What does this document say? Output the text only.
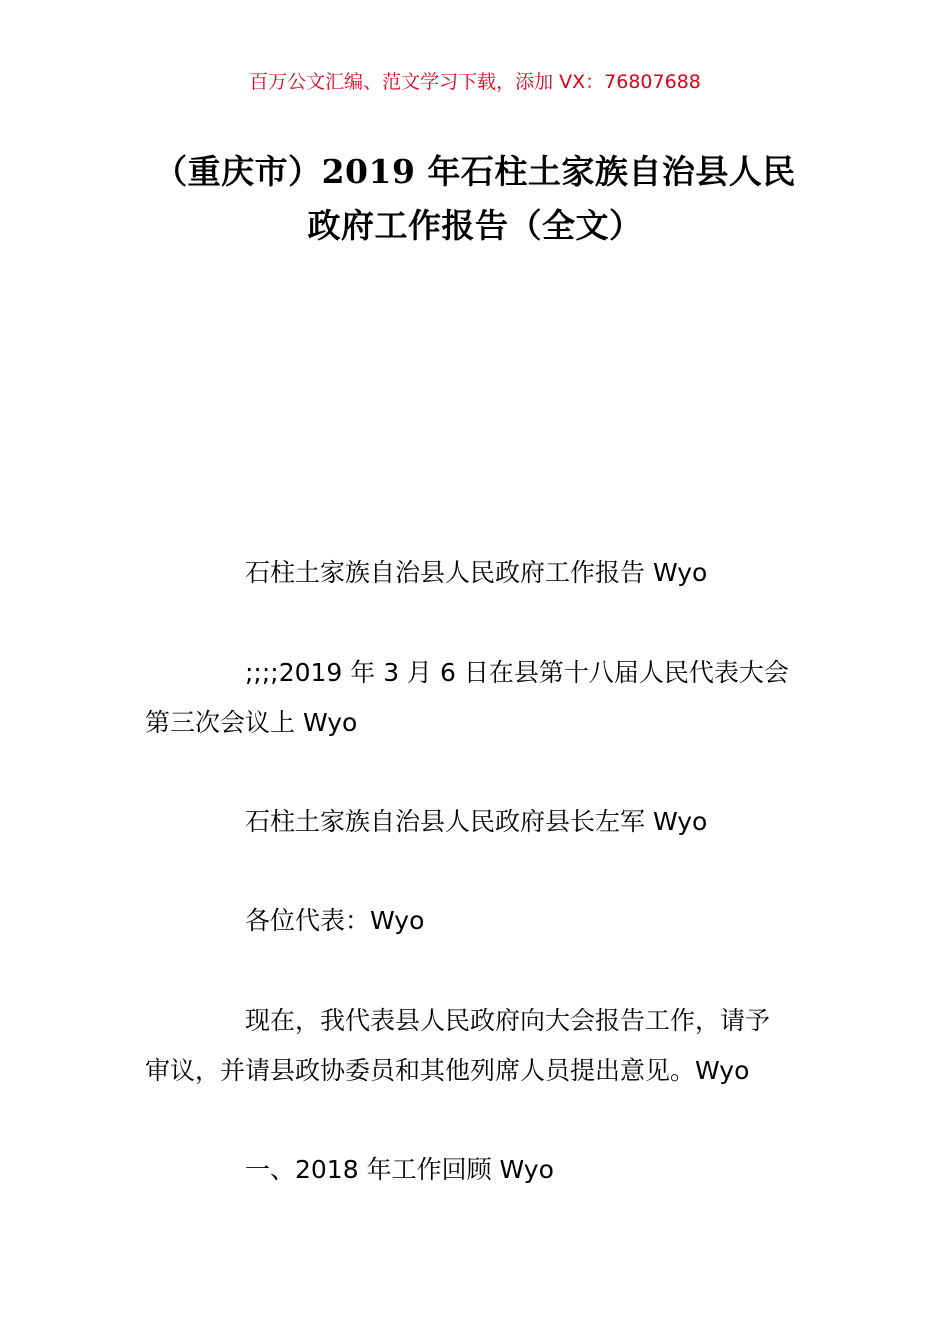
百万公文汇编、范文学习下载，添加 VX：76807688
（重庆市）2019 年石柱土家族自治县人民
政府工作报告（全文）
石柱土家族自治县人民政府工作报告 Wyo
;;;;2019 年 3 月 6 日在县第十八届人民代表大会
第三次会议上 Wyo
石柱土家族自治县人民政府县长左军 Wyo
各位代表：Wyo
现在，我代表县人民政府向大会报告工作，请予
审议，并请县政协委员和其他列席人员提出意见。Wyo
一、2018 年工作回顾 Wyo
